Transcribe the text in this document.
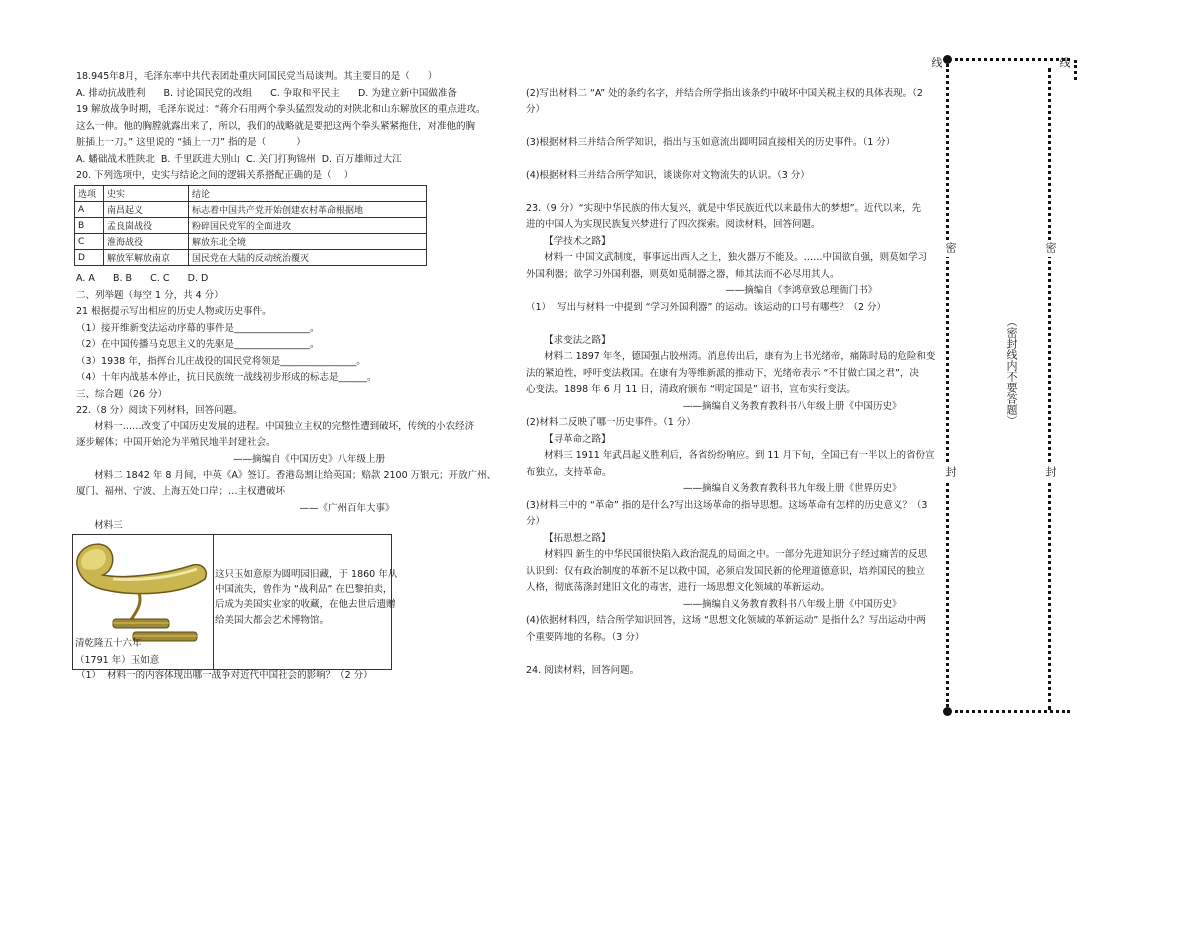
18.945年8月，毛泽东率中共代表团赴重庆同国民党当局谈判。其主要目的是（      ）

A. 排动抗战胜利      B. 讨论国民党的改组      C. 争取和平民主      D. 为建立新中国做准备

19 解放战争时期，毛泽东说过：“蒋介石用两个拳头猛烈发动的对陕北和山东解放区的重点进攻。

这么一伸。他的胸膛就露出来了，所以，我们的战略就是要把这两个拳头紧紧拖住，对准他的胸

脏插上一刀。” 这里说的 “插上一刀” 指的是（          ）

A. 蟠础战术胜陕北  B. 千里跃进大别山  C. 关门打狗锦州  D. 百万雄师过大江

20. 下列选项中，史实与结论之间的逻辑关系搭配正确的是（    ）

选项	史实	结论
A	南昌起义	标志着中国共产党开始创建农村革命根据地
B	孟良崮战役	粉碎国民党军的全面进攻
C	淮海战役	解放东北全境
D	解放军解放南京	国民党在大陆的反动统治覆灭

A. A      B. B      C. C      D. D

二、列举题（每空 1 分，共 4 分）

21 根据提示写出相应的历史人物或历史事件。

（1）接开维新变法运动序幕的事件是________________。

（2）在中国传播马克思主义的先驱是________________。

（3）1938 年，指挥台儿庄战役的国民党将领是________________。

（4）十年内战基本停止，抗日民族统一战线初步形成的标志是______。

三、综合题（26 分）

22.（8 分）阅读下列材料，回答问题。

材料一……改变了中国历史发展的进程。中国独立主权的完整性遭到破坏，传统的小农经济

逐步解体；中国开始沦为半殖民地半封建社会。

——摘编自《中国历史》八年级上册

材料二 1842 年 8 月间，中英《A》签订。香港岛割让给英国；赔款 2100 万银元；开放广州、

厦门、福州、宁波、上海五处口岸；…主权遭破坏

——《广州百年大事》

材料三

清乾隆五十六年
（1791 年）玉如意
这只玉如意原为圆明园旧藏，于 1860 年从
中国流失，曾作为 “战利品” 在巴黎拍卖，
后成为美国实业家的收藏，在他去世后遗赠
给美国大都会艺术博物馆。

（1）  材料一的内容体现出哪一战争对近代中国社会的影响？（2 分）

(2)写出材料二 “A” 处的条约名字，并结合所学指出该条约中破坏中国关税主权的具体表现。（2

分）

(3)根据材料三并结合所学知识，指出与玉如意流出圆明园直接相关的历史事件。（1 分）

(4)根据材料三并结合所学知识，谈谈你对文物流失的认识。（3 分）

23.（9 分）“实现中华民族的伟大复兴，就是中华民族近代以来最伟大的梦想”。近代以来，先

进的中国人为实现民族复兴梦进行了四次探索。阅读材料，回答问题。

【学技术之路】

材料一 中国文武制度，事事远出西人之上，独火器万不能及。……中国欲自强，则莫如学习

外国利器；欲学习外国利器，则莫如觅制器之器，师其法而不必尽用其人。

——摘编自《李鸿章致总理衙门书》

（1）  写出与材料一中提到 “学习外国利器” 的运动。该运动的口号有哪些？（2 分）

【求变法之路】

材料二 1897 年冬，德国强占胶州湾。消息传出后，康有为上书光绪帝，痛陈时局的危险和变

法的紧迫性，呼吁变法救国。在康有为等维新派的推动下，光绪帝表示 “不甘做亡国之君”，决

心变法。1898 年 6 月 11 日，清政府颁布 “明定国是” 诏书，宣布实行变法。

——摘编自义务教育教科书八年级上册《中国历史》

(2)材料二反映了哪一历史事件。（1 分）

【寻革命之路】

材料三 1911 年武昌起义胜利后，各省纷纷响应。到 11 月下旬，全国已有一半以上的省份宣

布独立，支持革命。

——摘编自义务教育教科书九年级上册《世界历史》

(3)材料三中的 “革命” 指的是什么?写出这场革命的指导思想。这场革命有怎样的历史意义？（3

分）

【拓思想之路】

材料四 新生的中华民国很快陷入政治混乱的局面之中。一部分先进知识分子经过痛苦的反思

认识到：仅有政治制度的革新不足以救中国，必须启发国民新的伦理道德意识，培养国民的独立

人格，彻底荡涤封建旧文化的毒害，进行一场思想文化领域的革新运动。

——摘编自义务教育教科书八年级上册《中国历史》

(4)依据材料四，结合所学知识回答，这场 “思想文化领域的革新运动” 是指什么？写出运动中两

个重要阵地的名称。（3 分）

24. 阅读材料，回答问题。

线	线
密	密
封	封
（密封线内不要答题）
